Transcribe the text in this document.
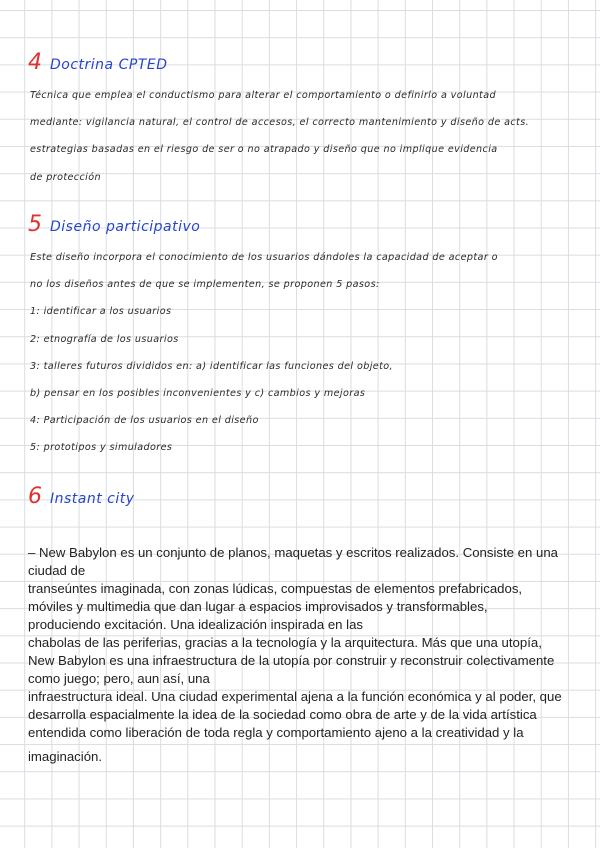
4 Doctrina CPTED
Técnica que emplea el conductismo para alterar el comportamiento o definirlo a voluntad
mediante: vigilancia natural, el control de accesos, el correcto mantenimiento y diseño de acts.
estrategias basadas en el riesgo de ser o no atrapado y diseño que no implique evidencia
de protección
5 Diseño participativo
Este diseño incorpora el conocimiento de los usuarios dándoles la capacidad de aceptar o
no los diseños antes de que se implementen, se proponen 5 pasos:
1: identificar a los usuarios
2: etnografía de los usuarios
3: talleres futuros divididos en: a) identificar las funciones del objeto,
b) pensar en los posibles inconvenientes y c) cambios y mejoras
4: Participación de los usuarios en el diseño
5: prototipos y simuladores
6 Instant city
– New Babylon es un conjunto de planos, maquetas y escritos realizados. Consiste en una
ciudad de
transeúntes imaginada, con zonas lúdicas, compuestas de elementos prefabricados,
móviles y multimedia que dan lugar a espacios improvisados y transformables,
produciendo excitación. Una idealización inspirada en las
chabolas de las periferias, gracias a la tecnología y la arquitectura. Más que una utopía,
New Babylon es una infraestructura de la utopía por construir y reconstruir colectivamente
como juego; pero, aun así, una
infraestructura ideal. Una ciudad experimental ajena a la función económica y al poder, que
desarrolla espacialmente la idea de la sociedad como obra de arte y de la vida artística
entendida como liberación de toda regla y comportamiento ajeno a la creatividad y la
imaginación.
